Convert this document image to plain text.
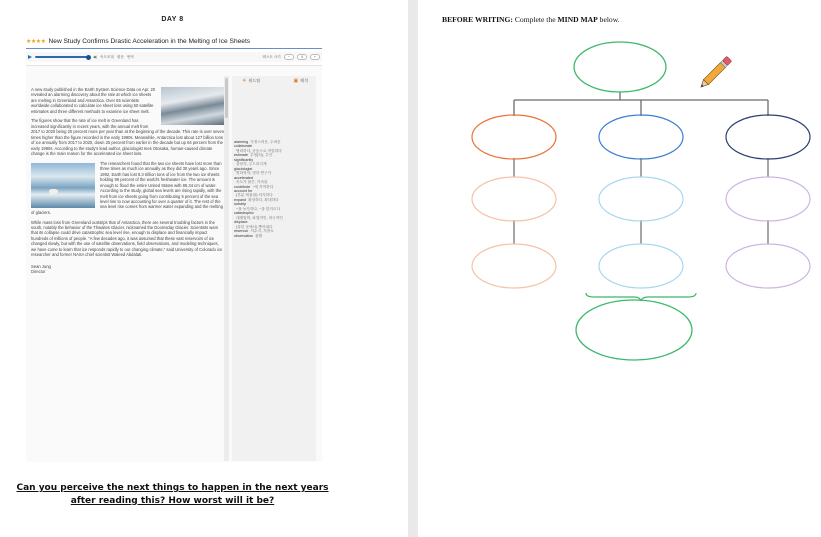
DAY 8
★★★★ New Study Confirms Drastic Acceleration in the Melting of Ice Sheets
◀) 속도조절 원문 번역	텍스트 크기	−	4	+

A new study published in the Earth System Science Data on Apr. 20 revealed an alarming discovery about the rate at which ice sheets are melting in Greenland and Antarctica. Over 65 scientists worldwide collaborated to calculate ice sheet loss using 50 satellite estimates and three different methods to examine ice sheet melt.

The figures show that the rate of ice melt in Greenland has increased significantly in recent years, with the annual melt from 2017 to 2020 being 20 percent more per year than at the beginning of the decade. This rate is over seven times higher than the figure recorded in the early 1990s. Meanwhile, Antarctica lost about 127 billion tons of ice annually from 2017 to 2020, down 25 percent from earlier in the decade but up 64 percent from the early 1990s. According to the study's lead author, glaciologist Ines Otosaka, human-caused climate change is the main reason for the accelerated ice sheet loss.

The researchers found that the two ice sheets have lost more than three times as much ice annually as they did 30 years ago. Since 1992, Earth has lost 8.3 trillion tons of ice from the two ice sheets holding 99 percent of the world's freshwater ice. The amount is enough to flood the entire United States with 85.34 cm of water. According to the study, global sea levels are rising rapidly, with the melt from ice sheets going from contributing 5 percent of the sea level rise to now accounting for over a quarter of it. The rest of the sea level rise comes from warmer water expanding and the melting of glaciers.

While mass loss from Greenland outstrips that of Antarctica, there are several troubling factors in the south, notably the behavior of the Thwaites Glacier, nicknamed the Doomsday Glacier. Scientists warn that its collapse could drive catastrophic sea level rise, enough to displace and financially impact hundreds of millions of people. "A few decades ago, it was assumed that these vast reservoirs of ice changed slowly, but with the use of satellite observations, field observations, and modeling techniques, we have come to learn that ice responds rapidly to our changing climate," said University of Colorado ice researcher and former NASA chief scientist Waleed Abdalati.

Sean Jung
Director
☀ 워드팁	▣ 해석
alarming 걱정스러운, 두려운
collaborate
협력하다, 공동으로 작업하다
estimate 추정(치), 추산
significantly
상당히, 두드러지게
glaciologist
빙하학자, 빙하 연구가
accelerated
속도가 붙은, 가속된
contribute ~에 기여하다
account for
(부분·비율을) 차지하다
expand 확장하다, 확대하다
outstrip
~을 능가하다, ~을 앞지르다
catastrophic
대재앙의, 파멸적인, 비극적인
displace
(살던 곳에서) 쫓아내다
reservoir 저수지, 저장소
observation 관찰
Can you perceive the next things to happen in the next years
after reading this? How worst will it be?
BEFORE WRITING: Complete the MIND MAP below.
